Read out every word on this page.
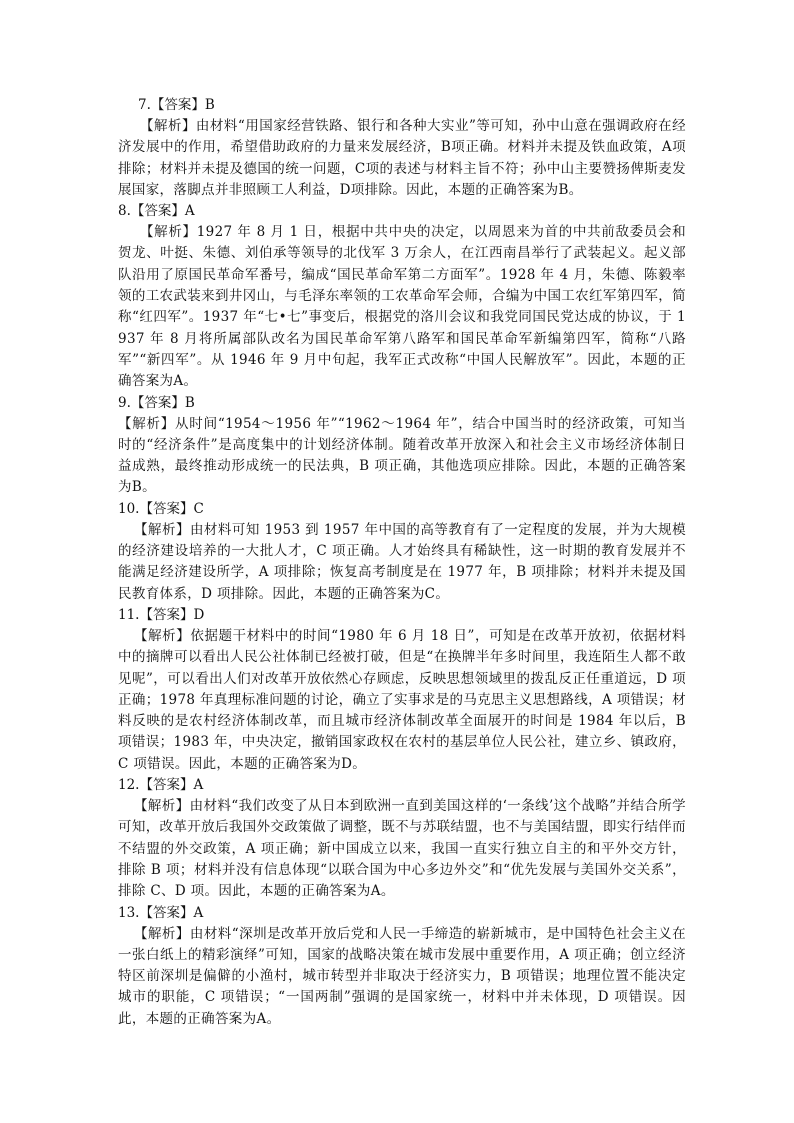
7.【答案】B

【解析】由材料“用国家经营铁路、银行和各种大实业”等可知，孙中山意在强调政府在经济发展中的作用，希望借助政府的力量来发展经济，B项正确。材料并未提及铁血政策，A项排除；材料并未提及德国的统一问题，C项的表述与材料主旨不符；孙中山主要赞扬俾斯麦发展国家，落脚点并非照顾工人利益，D项排除。因此，本题的正确答案为B。

8.【答案】A

【解析】1927 年 8 月 1 日，根据中共中央的决定，以周恩来为首的中共前敌委员会和贺龙、叶挺、朱德、刘伯承等领导的北伐军 3 万余人，在江西南昌举行了武装起义。起义部队沿用了原国民革命军番号，编成“国民革命军第二方面军”。1928 年 4 月，朱德、陈毅率领的工农武装来到井冈山，与毛泽东率领的工农革命军会师，合编为中国工农红军第四军，简称“红四军”。1937 年“七•七”事变后，根据党的洛川会议和我党同国民党达成的协议，于 1937 年 8 月将所属部队改名为国民革命军第八路军和国民革命军新编第四军，简称“八路军”“新四军”。从 1946 年 9 月中旬起，我军正式改称“中国人民解放军”。因此，本题的正确答案为A。

9.【答案】B

【解析】从时间“1954～1956 年”“1962～1964 年”，结合中国当时的经济政策，可知当时的“经济条件”是高度集中的计划经济体制。随着改革开放深入和社会主义市场经济体制日益成熟，最终推动形成统一的民法典，B 项正确，其他选项应排除。因此，本题的正确答案为B。

10.【答案】C

【解析】由材料可知 1953 到 1957 年中国的高等教育有了一定程度的发展，并为大规模的经济建设培养的一大批人才，C 项正确。人才始终具有稀缺性，这一时期的教育发展并不能满足经济建设所学，A 项排除；恢复高考制度是在 1977 年，B 项排除；材料并未提及国民教育体系，D 项排除。因此，本题的正确答案为C。

11.【答案】D

【解析】依据题干材料中的时间“1980 年 6 月 18 日”，可知是在改革开放初，依据材料中的摘牌可以看出人民公社体制已经被打破，但是“在换牌半年多时间里，我连陌生人都不敢见呢”，可以看出人们对改革开放依然心存顾虑，反映思想领域里的拨乱反正任重道远，D 项正确；1978 年真理标准问题的讨论，确立了实事求是的马克思主义思想路线，A 项错误；材料反映的是农村经济体制改革，而且城市经济体制改革全面展开的时间是 1984 年以后，B 项错误；1983 年，中央决定，撤销国家政权在农村的基层单位人民公社，建立乡、镇政府，C 项错误。因此，本题的正确答案为D。

12.【答案】A

【解析】由材料“我们改变了从日本到欧洲一直到美国这样的‘一条线’这个战略”并结合所学可知，改革开放后我国外交政策做了调整，既不与苏联结盟，也不与美国结盟，即实行结伴而不结盟的外交政策，A 项正确；新中国成立以来，我国一直实行独立自主的和平外交方针，排除 B 项；材料并没有信息体现“以联合国为中心多边外交”和“优先发展与美国外交关系”，排除 C、D 项。因此，本题的正确答案为A。

13.【答案】A

【解析】由材料“深圳是改革开放后党和人民一手缔造的崭新城市，是中国特色社会主义在一张白纸上的精彩演绎”可知，国家的战略决策在城市发展中重要作用，A 项正确；创立经济特区前深圳是偏僻的小渔村，城市转型并非取决于经济实力，B 项错误；地理位置不能决定城市的职能，C 项错误；“一国两制”强调的是国家统一，材料中并未体现，D 项错误。因此，本题的正确答案为A。
